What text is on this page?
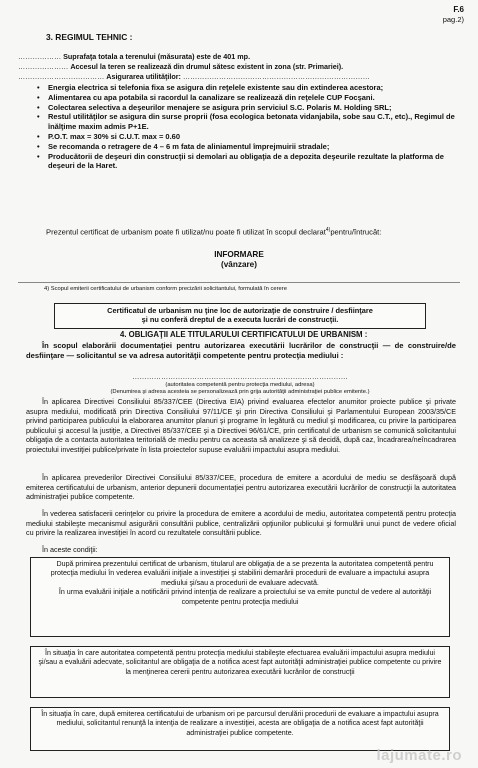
F.6
pag.2)
3. REGIMUL TEHNIC :
……………… Suprafaţa totala a terenului (măsurata) este de 401 mp.
………………… Accesul la teren se realizează din drumul sătesc existent in zona (str. Primariei).
……………………………… Asigurarea utilităţilor: ……………………………………………………………………
• Energia electrica si telefonia fixa se asigura din reţelele existente sau din extinderea acestora;
• Alimentarea cu apa potabila si racordul la canalizare se realizează din reţelele CUP Focşani.
• Colectarea selectiva a deşeurilor menajere se asigura prin serviciul S.C. Polaris M. Holding SRL;
• Restul utilităţilor se asigura din surse proprii (fosa ecologica betonata vidanjabila, sobe sau C.T., etc)., Regimul de înălţime maxim admis P+1E.
• P.O.T. max = 30% si C.U.T. max = 0.60
• Se recomanda o retragere de 4 – 6 m fata de aliniamentul împrejmuirii stradale;
• Producătorii de deşeuri din construcţii si demolari au obligaţia de a depozita deşeurile rezultate la platforma de deşeuri de la Haret.
Prezentul certificat de urbanism poate fi utilizat/nu poate fi utilizat în scopul declarat$^{4)}$pentru/întrucât:
INFORMARE
(vânzare)
4) Scopul emiterii certificatului de urbanism conform precizării solicitantului, formulată în cerere
Certificatul de urbanism nu ţine loc de autorizaţie de construire / desfiinţare
şi nu conferă dreptul de a executa lucrări de construcţii.
4. OBLIGAŢII ALE TITULARULUI CERTIFICATULUI DE URBANISM :
În scopul elaborării documentaţiei pentru autorizarea executării lucrărilor de construcţii — de construire/de desfiinţare — solicitantul se va adresa autorităţii competente pentru protecţia mediului :
………………………………………………………………………………
(autoritatea competentă pentru protecţia mediului, adresa)
(Denumirea şi adresa acesteia se personalizează prin grija autorităţii administraţiei publice emitente.)
În aplicarea Directivei Consiliului 85/337/CEE (Directiva EIA) privind evaluarea efectelor anumitor proiecte publice şi private asupra mediului, modificată prin Directiva Consiliului 97/11/CE şi prin Directiva Consiliului şi Parlamentului European 2003/35/CE privind participarea publicului la elaborarea anumitor planuri şi programe în legătură cu mediul şi modificarea, cu privire la participarea publicului şi accesul la justiţie, a Directivei 85/337/CEE şi a Directivei 96/61/CE, prin certificatul de urbanism se comunică solicitantului obligaţia de a contacta autoritatea teritorială de mediu pentru ca aceasta să analizeze şi să decidă, după caz, încadrarea/neîncadrarea proiectului investiţiei publice/private în lista proiectelor supuse evaluării impactului asupra mediului.
În aplicarea prevederilor Directivei Consiliului 85/337/CEE, procedura de emitere a acordului de mediu se desfăşoară după emiterea certificatului de urbanism, anterior depunerii documentaţiei pentru autorizarea executării lucrărilor de construcţii la autoritatea administraţiei publice competente.
În vederea satisfacerii cerinţelor cu privire la procedura de emitere a acordului de mediu, autoritatea competentă pentru protecţia mediului stabileşte mecanismul asigurării consultării publice, centralizării opţiunilor publicului şi formulării unui punct de vedere oficial cu privire la realizarea investiţiei în acord cu rezultatele consultării publice.
În aceste condiţii:
După primirea prezentului certificat de urbanism, titularul are obligaţia de a se prezenta la autoritatea competentă pentru protecţia mediului în vederea evaluării iniţiale a investiţiei şi stabilirii demarării procedurii de evaluare a impactului asupra mediului şi/sau a procedurii de evaluare adecvată.
În urma evaluării iniţiale a notificării privind intenţia de realizare a proiectului se va emite punctul de vedere al autorităţii competente pentru protecţia mediului
În situaţia în care autoritatea competentă pentru protecţia mediului stabileşte efectuarea evaluării impactului asupra mediului şi/sau a evaluării adecvate, solicitantul are obligaţia de a notifica acest fapt autorităţii administraţiei publice competente cu privire la menţinerea cererii pentru autorizarea executării lucrărilor de construcţii
În situaţia în care, după emiterea certificatului de urbanism ori pe parcursul derulării procedurii de evaluare a impactului asupra mediului, solicitantul renunţă la intenţia de realizare a investiţiei, acesta are obligaţia de a notifica acest fapt autorităţii administraţiei publice competente.
lajumate.ro
